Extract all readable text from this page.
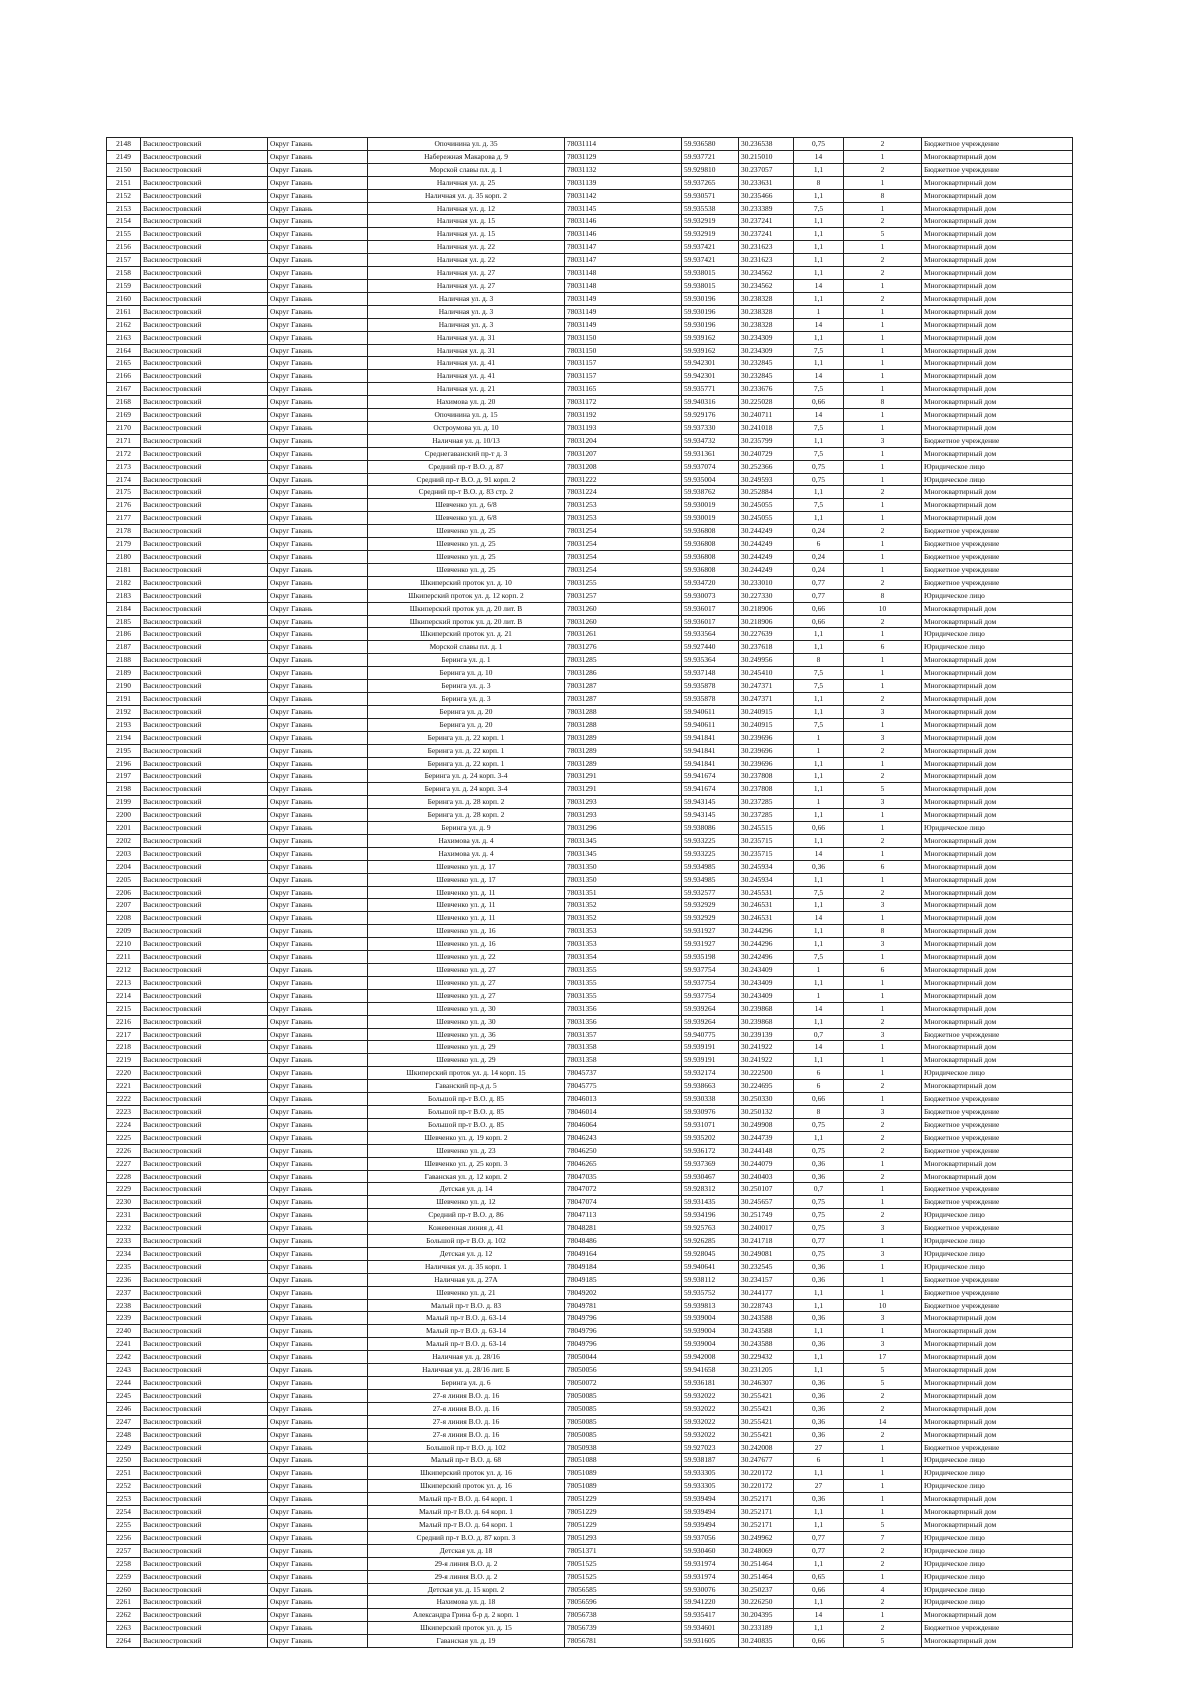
2148	Василеостровский	Округ Гавань	Опочинина ул. д. 35	78031114	59.936580	30.236538	0,75	2	Бюджетное учреждение
2149	Василеостровский	Округ Гавань	Набережная Макарова д. 9	78031129	59.937721	30.215010	14	1	Многоквартирный дом
2150	Василеостровский	Округ Гавань	Морской славы пл. д. 1	78031132	59.929810	30.237057	1,1	2	Бюджетное учреждение
2151	Василеостровский	Округ Гавань	Наличная ул. д. 25	78031139	59.937265	30.233631	8	1	Многоквартирный дом
2152	Василеостровский	Округ Гавань	Наличная ул. д. 35 корп. 2	78031142	59.930571	30.235466	1,1	8	Многоквартирный дом
2153	Василеостровский	Округ Гавань	Наличная ул. д. 12	78031145	59.935538	30.233389	7,5	1	Многоквартирный дом
2154	Василеостровский	Округ Гавань	Наличная ул. д. 15	78031146	59.932919	30.237241	1,1	2	Многоквартирный дом
2155	Василеостровский	Округ Гавань	Наличная ул. д. 15	78031146	59.932919	30.237241	1,1	5	Многоквартирный дом
2156	Василеостровский	Округ Гавань	Наличная ул. д. 22	78031147	59.937421	30.231623	1,1	1	Многоквартирный дом
2157	Василеостровский	Округ Гавань	Наличная ул. д. 22	78031147	59.937421	30.231623	1,1	2	Многоквартирный дом
2158	Василеостровский	Округ Гавань	Наличная ул. д. 27	78031148	59.938015	30.234562	1,1	2	Многоквартирный дом
2159	Василеостровский	Округ Гавань	Наличная ул. д. 27	78031148	59.938015	30.234562	14	1	Многоквартирный дом
2160	Василеостровский	Округ Гавань	Наличная ул. д. 3	78031149	59.930196	30.238328	1,1	2	Многоквартирный дом
2161	Василеостровский	Округ Гавань	Наличная ул. д. 3	78031149	59.930196	30.238328	1	1	Многоквартирный дом
2162	Василеостровский	Округ Гавань	Наличная ул. д. 3	78031149	59.930196	30.238328	14	1	Многоквартирный дом
2163	Василеостровский	Округ Гавань	Наличная ул. д. 31	78031150	59.939162	30.234309	1,1	1	Многоквартирный дом
2164	Василеостровский	Округ Гавань	Наличная ул. д. 31	78031150	59.939162	30.234309	7,5	1	Многоквартирный дом
2165	Василеостровский	Округ Гавань	Наличная ул. д. 41	78031157	59.942301	30.232845	1,1	1	Многоквартирный дом
2166	Василеостровский	Округ Гавань	Наличная ул. д. 41	78031157	59.942301	30.232845	14	1	Многоквартирный дом
2167	Василеостровский	Округ Гавань	Наличная ул. д. 21	78031165	59.935771	30.233676	7,5	1	Многоквартирный дом
2168	Василеостровский	Округ Гавань	Нахимова ул. д. 20	78031172	59.940316	30.225028	0,66	8	Многоквартирный дом
2169	Василеостровский	Округ Гавань	Опочинина ул. д. 15	78031192	59.929176	30.240711	14	1	Многоквартирный дом
2170	Василеостровский	Округ Гавань	Остроумова ул. д. 10	78031193	59.937330	30.241018	7,5	1	Многоквартирный дом
2171	Василеостровский	Округ Гавань	Наличная ул. д. 10/13	78031204	59.934732	30.235799	1,1	3	Бюджетное учреждение
2172	Василеостровский	Округ Гавань	Среднегаванский пр-т д. 3	78031207	59.931361	30.240729	7,5	1	Многоквартирный дом
2173	Василеостровский	Округ Гавань	Средний пр-т В.О. д. 87	78031208	59.937074	30.252366	0,75	1	Юридическое лицо
2174	Василеостровский	Округ Гавань	Средний пр-т В.О. д. 91 корп. 2	78031222	59.935004	30.249593	0,75	1	Юридическое лицо
2175	Василеостровский	Округ Гавань	Средний пр-т В.О. д. 83 стр. 2	78031224	59.938762	30.252884	1,1	2	Многоквартирный дом
2176	Василеостровский	Округ Гавань	Шевченко ул. д. 6/8	78031253	59.930019	30.245055	7,5	1	Многоквартирный дом
2177	Василеостровский	Округ Гавань	Шевченко ул. д. 6/8	78031253	59.930019	30.245055	1,1	1	Многоквартирный дом
2178	Василеостровский	Округ Гавань	Шевченко ул. д. 25	78031254	59.936808	30.244249	0,24	2	Бюджетное учреждение
2179	Василеостровский	Округ Гавань	Шевченко ул. д. 25	78031254	59.936808	30.244249	6	1	Бюджетное учреждение
2180	Василеостровский	Округ Гавань	Шевченко ул. д. 25	78031254	59.936808	30.244249	0,24	1	Бюджетное учреждение
2181	Василеостровский	Округ Гавань	Шевченко ул. д. 25	78031254	59.936808	30.244249	0,24	1	Бюджетное учреждение
2182	Василеостровский	Округ Гавань	Шкиперский проток ул. д. 10	78031255	59.934720	30.233010	0,77	2	Бюджетное учреждение
2183	Василеостровский	Округ Гавань	Шкиперский проток ул. д. 12 корп. 2	78031257	59.930073	30.227330	0,77	8	Юридическое лицо
2184	Василеостровский	Округ Гавань	Шкиперский проток ул. д. 20 лит. В	78031260	59.936017	30.218906	0,66	10	Многоквартирный дом
2185	Василеостровский	Округ Гавань	Шкиперский проток ул. д. 20 лит. В	78031260	59.936017	30.218906	0,66	2	Многоквартирный дом
2186	Василеостровский	Округ Гавань	Шкиперский проток ул. д. 21	78031261	59.933564	30.227639	1,1	1	Юридическое лицо
2187	Василеостровский	Округ Гавань	Морской славы пл. д. 1	78031276	59.927440	30.237618	1,1	6	Юридическое лицо
2188	Василеостровский	Округ Гавань	Беринга ул. д. 1	78031285	59.935364	30.249956	8	1	Многоквартирный дом
2189	Василеостровский	Округ Гавань	Беринга ул. д. 10	78031286	59.937148	30.245410	7,5	1	Многоквартирный дом
2190	Василеостровский	Округ Гавань	Беринга ул. д. 3	78031287	59.935878	30.247371	7,5	1	Многоквартирный дом
2191	Василеостровский	Округ Гавань	Беринга ул. д. 3	78031287	59.935878	30.247371	1,1	2	Многоквартирный дом
2192	Василеостровский	Округ Гавань	Беринга ул. д. 20	78031288	59.940611	30.240915	1,1	3	Многоквартирный дом
2193	Василеостровский	Округ Гавань	Беринга ул. д. 20	78031288	59.940611	30.240915	7,5	1	Многоквартирный дом
2194	Василеостровский	Округ Гавань	Беринга ул. д. 22 корп. 1	78031289	59.941841	30.239696	1	3	Многоквартирный дом
2195	Василеостровский	Округ Гавань	Беринга ул. д. 22 корп. 1	78031289	59.941841	30.239696	1	2	Многоквартирный дом
2196	Василеостровский	Округ Гавань	Беринга ул. д. 22 корп. 1	78031289	59.941841	30.239696	1,1	1	Многоквартирный дом
2197	Василеостровский	Округ Гавань	Беринга ул. д. 24 корп. 3-4	78031291	59.941674	30.237808	1,1	2	Многоквартирный дом
2198	Василеостровский	Округ Гавань	Беринга ул. д. 24 корп. 3-4	78031291	59.941674	30.237808	1,1	5	Многоквартирный дом
2199	Василеостровский	Округ Гавань	Беринга ул. д. 28 корп. 2	78031293	59.943145	30.237285	1	3	Многоквартирный дом
2200	Василеостровский	Округ Гавань	Беринга ул. д. 28 корп. 2	78031293	59.943145	30.237285	1,1	1	Многоквартирный дом
2201	Василеостровский	Округ Гавань	Беринга ул. д. 9	78031296	59.938086	30.245515	0,66	1	Юридическое лицо
2202	Василеостровский	Округ Гавань	Нахимова ул. д. 4	78031345	59.933225	30.235715	1,1	2	Многоквартирный дом
2203	Василеостровский	Округ Гавань	Нахимова ул. д. 4	78031345	59.933225	30.235715	14	1	Многоквартирный дом
2204	Василеостровский	Округ Гавань	Шевченко ул. д. 17	78031350	59.934985	30.245934	0,36	6	Многоквартирный дом
2205	Василеостровский	Округ Гавань	Шевченко ул. д. 17	78031350	59.934985	30.245934	1,1	1	Многоквартирный дом
2206	Василеостровский	Округ Гавань	Шевченко ул. д. 11	78031351	59.932577	30.245531	7,5	2	Многоквартирный дом
2207	Василеостровский	Округ Гавань	Шевченко ул. д. 11	78031352	59.932929	30.246531	1,1	3	Многоквартирный дом
2208	Василеостровский	Округ Гавань	Шевченко ул. д. 11	78031352	59.932929	30.246531	14	1	Многоквартирный дом
2209	Василеостровский	Округ Гавань	Шевченко ул. д. 16	78031353	59.931927	30.244296	1,1	8	Многоквартирный дом
2210	Василеостровский	Округ Гавань	Шевченко ул. д. 16	78031353	59.931927	30.244296	1,1	3	Многоквартирный дом
2211	Василеостровский	Округ Гавань	Шевченко ул. д. 22	78031354	59.935198	30.242496	7,5	1	Многоквартирный дом
2212	Василеостровский	Округ Гавань	Шевченко ул. д. 27	78031355	59.937754	30.243409	1	6	Многоквартирный дом
2213	Василеостровский	Округ Гавань	Шевченко ул. д. 27	78031355	59.937754	30.243409	1,1	1	Многоквартирный дом
2214	Василеостровский	Округ Гавань	Шевченко ул. д. 27	78031355	59.937754	30.243409	1	1	Многоквартирный дом
2215	Василеостровский	Округ Гавань	Шевченко ул. д. 30	78031356	59.939264	30.239868	14	1	Многоквартирный дом
2216	Василеостровский	Округ Гавань	Шевченко ул. д. 30	78031356	59.939264	30.239868	1,1	2	Многоквартирный дом
2217	Василеостровский	Округ Гавань	Шевченко ул. д. 36	78031357	59.940775	30.239139	0,7	3	Бюджетное учреждение
2218	Василеостровский	Округ Гавань	Шевченко ул. д. 29	78031358	59.939191	30.241922	14	1	Многоквартирный дом
2219	Василеостровский	Округ Гавань	Шевченко ул. д. 29	78031358	59.939191	30.241922	1,1	1	Многоквартирный дом
2220	Василеостровский	Округ Гавань	Шкиперский проток ул. д. 14 корп. 15	78045737	59.932174	30.222500	6	1	Юридическое лицо
2221	Василеостровский	Округ Гавань	Гаванский пр-д д. 5	78045775	59.938663	30.224695	6	2	Многоквартирный дом
2222	Василеостровский	Округ Гавань	Большой пр-т В.О. д. 85	78046013	59.930338	30.250330	0,66	1	Бюджетное учреждение
2223	Василеостровский	Округ Гавань	Большой пр-т В.О. д. 85	78046014	59.930976	30.250132	8	3	Бюджетное учреждение
2224	Василеостровский	Округ Гавань	Большой пр-т В.О. д. 85	78046064	59.931071	30.249908	0,75	2	Бюджетное учреждение
2225	Василеостровский	Округ Гавань	Шевченко ул. д. 19 корп. 2	78046243	59.935202	30.244739	1,1	2	Бюджетное учреждение
2226	Василеостровский	Округ Гавань	Шевченко ул. д. 23	78046250	59.936172	30.244148	0,75	2	Бюджетное учреждение
2227	Василеостровский	Округ Гавань	Шевченко ул. д. 25 корп. 3	78046265	59.937369	30.244079	0,36	1	Многоквартирный дом
2228	Василеостровский	Округ Гавань	Гаванская ул. д. 12 корп. 2	78047035	59.930467	30.240403	0,36	2	Многоквартирный дом
2229	Василеостровский	Округ Гавань	Детская ул. д. 14	78047072	59.928312	30.250107	0,7	1	Бюджетное учреждение
2230	Василеостровский	Округ Гавань	Шевченко ул. д. 12	78047074	59.931435	30.245657	0,75	1	Бюджетное учреждение
2231	Василеостровский	Округ Гавань	Средний пр-т В.О. д. 86	78047113	59.934196	30.251749	0,75	2	Юридическое лицо
2232	Василеостровский	Округ Гавань	Кожевенная линия д. 41	78048281	59.925763	30.240017	0,75	3	Бюджетное учреждение
2233	Василеостровский	Округ Гавань	Большой пр-т В.О. д. 102	78048486	59.926285	30.241718	0,77	1	Юридическое лицо
2234	Василеостровский	Округ Гавань	Детская ул. д. 12	78049164	59.928045	30.249081	0,75	3	Юридическое лицо
2235	Василеостровский	Округ Гавань	Наличная ул. д. 35 корп. 1	78049184	59.940641	30.232545	0,36	1	Юридическое лицо
2236	Василеостровский	Округ Гавань	Наличная ул. д. 27А	78049185	59.938112	30.234157	0,36	1	Бюджетное учреждение
2237	Василеостровский	Округ Гавань	Шевченко ул. д. 21	78049202	59.935752	30.244177	1,1	1	Бюджетное учреждение
2238	Василеостровский	Округ Гавань	Малый пр-т В.О. д. 83	78049781	59.939813	30.228743	1,1	10	Бюджетное учреждение
2239	Василеостровский	Округ Гавань	Малый пр-т В.О. д. 63-14	78049796	59.939004	30.243588	0,36	3	Многоквартирный дом
2240	Василеостровский	Округ Гавань	Малый пр-т В.О. д. 63-14	78049796	59.939004	30.243588	1,1	1	Многоквартирный дом
2241	Василеостровский	Округ Гавань	Малый пр-т В.О. д. 63-14	78049796	59.939004	30.243588	0,36	3	Многоквартирный дом
2242	Василеостровский	Округ Гавань	Наличная ул. д. 28/16	78050044	59.942008	30.229432	1,1	17	Многоквартирный дом
2243	Василеостровский	Округ Гавань	Наличная ул. д. 28/16 лит. Б	78050056	59.941658	30.231205	1,1	5	Многоквартирный дом
2244	Василеостровский	Округ Гавань	Беринга ул. д. 6	78050072	59.936181	30.246307	0,36	5	Многоквартирный дом
2245	Василеостровский	Округ Гавань	27-я линия В.О. д. 16	78050085	59.932022	30.255421	0,36	2	Многоквартирный дом
2246	Василеостровский	Округ Гавань	27-я линия В.О. д. 16	78050085	59.932022	30.255421	0,36	2	Многоквартирный дом
2247	Василеостровский	Округ Гавань	27-я линия В.О. д. 16	78050085	59.932022	30.255421	0,36	14	Многоквартирный дом
2248	Василеостровский	Округ Гавань	27-я линия В.О. д. 16	78050085	59.932022	30.255421	0,36	2	Многоквартирный дом
2249	Василеостровский	Округ Гавань	Большой пр-т В.О. д. 102	78050938	59.927023	30.242008	27	1	Бюджетное учреждение
2250	Василеостровский	Округ Гавань	Малый пр-т В.О. д. 68	78051088	59.938187	30.247677	6	1	Юридическое лицо
2251	Василеостровский	Округ Гавань	Шкиперский проток ул. д. 16	78051089	59.933305	30.220172	1,1	1	Юридическое лицо
2252	Василеостровский	Округ Гавань	Шкиперский проток ул. д. 16	78051089	59.933305	30.220172	27	1	Юридическое лицо
2253	Василеостровский	Округ Гавань	Малый пр-т В.О. д. 64 корп. 1	78051229	59.939494	30.252171	0,36	1	Многоквартирный дом
2254	Василеостровский	Округ Гавань	Малый пр-т В.О. д. 64 корп. 1	78051229	59.939494	30.252171	1,1	1	Многоквартирный дом
2255	Василеостровский	Округ Гавань	Малый пр-т В.О. д. 64 корп. 1	78051229	59.939494	30.252171	1,1	5	Многоквартирный дом
2256	Василеостровский	Округ Гавань	Средний пр-т В.О. д. 87 корп. 3	78051293	59.937056	30.249962	0,77	7	Юридическое лицо
2257	Василеостровский	Округ Гавань	Детская ул. д. 18	78051371	59.930460	30.248069	0,77	2	Юридическое лицо
2258	Василеостровский	Округ Гавань	29-я линия В.О. д. 2	78051525	59.931974	30.251464	1,1	2	Юридическое лицо
2259	Василеостровский	Округ Гавань	29-я линия В.О. д. 2	78051525	59.931974	30.251464	0,65	1	Юридическое лицо
2260	Василеостровский	Округ Гавань	Детская ул. д. 15 корп. 2	78056585	59.930076	30.250237	0,66	4	Юридическое лицо
2261	Василеостровский	Округ Гавань	Нахимова ул. д. 18	78056596	59.941220	30.226250	1,1	2	Юридическое лицо
2262	Василеостровский	Округ Гавань	Александра Грина б-р д. 2 корп. 1	78056738	59.935417	30.204395	14	1	Многоквартирный дом
2263	Василеостровский	Округ Гавань	Шкиперский проток ул. д. 15	78056739	59.934601	30.233189	1,1	2	Бюджетное учреждение
2264	Василеостровский	Округ Гавань	Гаванская ул. д. 19	78056781	59.931605	30.240835	0,66	5	Многоквартирный дом
